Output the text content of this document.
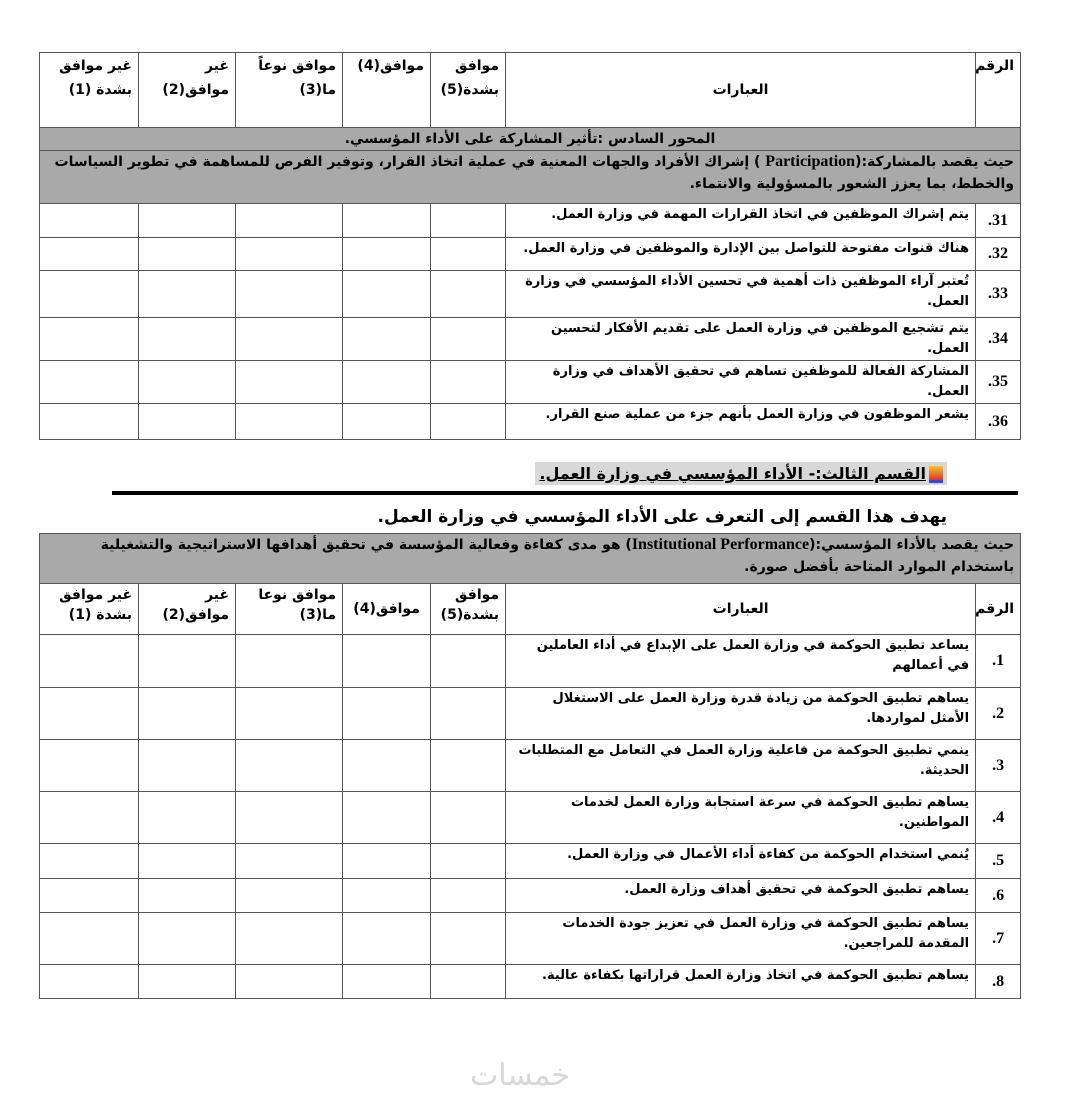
الرقم	العبارات	موافق بشدة(5)	موافق(4)	موافق نوعاً ما(3)	غير موافق(2)	غير موافق بشدة (1)
المحور السادس :تأثير المشاركة على الأداء المؤسسي.						
حيث يقصد بالمشاركة:(Participation ) إشراك الأفراد والجهات المعنية في عملية اتخاذ القرار، وتوفير الفرص للمساهمة في تطوير السياسات والخطط، بما يعزز الشعور بالمسؤولية والانتماء.						
31.	يتم إشراك الموظفين في اتخاذ القرارات المهمة في وزارة العمل.					
32.	هناك قنوات مفتوحة للتواصل بين الإدارة والموظفين في وزارة العمل.					
33.	تُعتبر آراء الموظفين ذات أهمية في تحسين الأداء المؤسسي في وزارة العمل.					
34.	يتم تشجيع الموظفين في وزارة العمل على تقديم الأفكار لتحسين العمل.					
35.	المشاركة الفعالة للموظفين تساهم في تحقيق الأهداف في وزارة العمل.					
36.	يشعر الموظفون في وزارة العمل بأنهم جزء من عملية صنع القرار.					
القسم الثالث:- الأداء المؤسسي في وزارة العمل.
يهدف هذا القسم إلى التعرف على الأداء المؤسسي في وزارة العمل.
حيث يقصد بالأداء المؤسسي:(Institutional Performance) هو مدى كفاءة وفعالية المؤسسة في تحقيق أهدافها الاستراتيجية والتشغيلية باستخدام الموارد المتاحة بأفضل صورة.						
الرقم	العبارات	موافق بشدة(5)	موافق(4)	موافق نوعا ما(3)	غير موافق(2)	غير موافق بشدة (1)
1.	يساعد تطبيق الحوكمة في وزارة العمل على الإبداع في أداء العاملين في أعمالهم					
2.	يساهم تطبيق الحوكمة من زيادة قدرة وزارة العمل على الاستغلال الأمثل لمواردها.					
3.	ينمي تطبيق الحوكمة من فاعلية وزارة العمل في التعامل مع المتطلبات الحديثة.					
4.	يساهم تطبيق الحوكمة في سرعة استجابة وزارة العمل لخدمات المواطنين.					
5.	يُنمي استخدام الحوكمة من كفاءة أداء الأعمال في وزارة العمل.					
6.	يساهم تطبيق الحوكمة في تحقيق أهداف وزارة العمل.					
7.	يساهم تطبيق الحوكمة في وزارة العمل في تعزيز جودة الخدمات المقدمة للمراجعين.					
8.	يساهم تطبيق الحوكمة في اتخاذ وزارة العمل قراراتها بكفاءة عالية.					
خمسات
